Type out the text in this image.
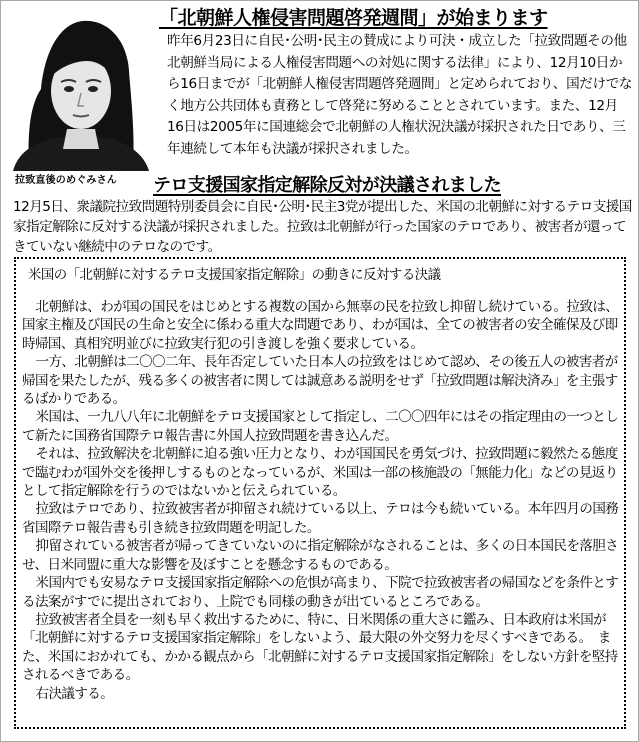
拉致直後のめぐみさん
「北朝鮮人権侵害問題啓発週間」が始まります

昨年6月23日に自民･公明･民主の賛成により可決・成立した「拉致問題その他北朝鮮当局による人権侵害問題への対処に関する法律」により、12月10日から16日までが「北朝鮮人権侵害問題啓発週間」と定められており、国だけでなく地方公共団体も責務として啓発に努めることとされています。また、12月16日は2005年に国連総会で北朝鮮の人権状況決議が採択された日であり、三年連続して本年も決議が採択されました。

テロ支援国家指定解除反対が決議されました

12月5日、衆議院拉致問題特別委員会に自民･公明･民主3党が提出した、米国の北朝鮮に対するテロ支援国家指定解除に反対する決議が採択されました。拉致は北朝鮮が行った国家のテロであり、被害者が還ってきていない継続中のテロなのです。

米国の「北朝鮮に対するテロ支援国家指定解除」の動きに反対する決議

北朝鮮は、わが国の国民をはじめとする複数の国から無辜の民を拉致し抑留し続けている。拉致は、国家主権及び国民の生命と安全に係わる重大な問題であり、わが国は、全ての被害者の安全確保及び即時帰国、真相究明並びに拉致実行犯の引き渡しを強く要求している。

一方、北朝鮮は二〇〇二年、長年否定していた日本人の拉致をはじめて認め、その後五人の被害者が帰国を果たしたが、残る多くの被害者に関しては誠意ある説明をせず「拉致問題は解決済み」を主張するばかりである。

米国は、一九八八年に北朝鮮をテロ支援国家として指定し、二〇〇四年にはその指定理由の一つとして新たに国務省国際テロ報告書に外国人拉致問題を書き込んだ。

それは、拉致解決を北朝鮮に迫る強い圧力となり、わが国国民を勇気づけ、拉致問題に毅然たる態度で臨むわが国外交を後押しするものとなっているが、米国は一部の核施設の「無能力化」などの見返りとして指定解除を行うのではないかと伝えられている。

拉致はテロであり、拉致被害者が抑留され続けている以上、テロは今も続いている。本年四月の国務省国際テロ報告書も引き続き拉致問題を明記した。

抑留されている被害者が帰ってきていないのに指定解除がなされることは、多くの日本国民を落胆させ、日米同盟に重大な影響を及ぼすことを懸念するものである。

米国内でも安易なテロ支援国家指定解除への危惧が高まり、下院で拉致被害者の帰国などを条件とする法案がすでに提出されており、上院でも同様の動きが出ているところである。

拉致被害者全員を一刻も早く救出するために、特に、日米関係の重大さに鑑み、日本政府は米国が「北朝鮮に対するテロ支援国家指定解除」をしないよう、最大限の外交努力を尽くすべきである。　また、米国におかれても、かかる観点から「北朝鮮に対するテロ支援国家指定解除」をしない方針を堅持されるべきである。

右決議する。
